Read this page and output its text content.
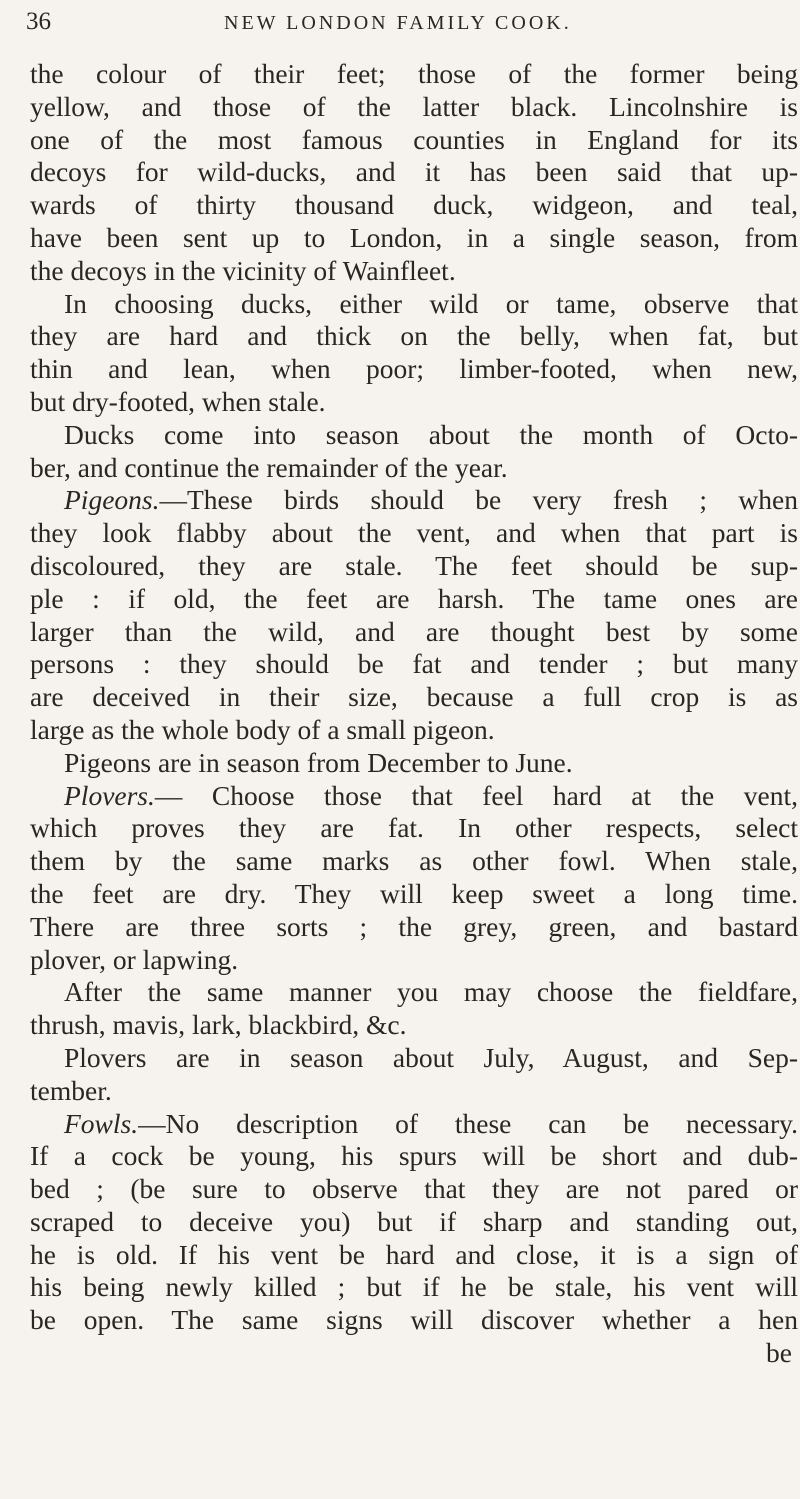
36	NEW LONDON FAMILY COOK.
the colour of their feet; those of the former being
yellow, and those of the latter black. Lincolnshire is
one of the most famous counties in England for its
decoys for wild-ducks, and it has been said that up-
wards of thirty thousand duck, widgeon, and teal,
have been sent up to London, in a single season, from
the decoys in the vicinity of Wainfleet.
In choosing ducks, either wild or tame, observe that
they are hard and thick on the belly, when fat, but
thin and lean, when poor; limber-footed, when new,
but dry-footed, when stale.
Ducks come into season about the month of Octo-
ber, and continue the remainder of the year.
Pigeons.—These birds should be very fresh ; when
they look flabby about the vent, and when that part is
discoloured, they are stale. The feet should be sup-
ple : if old, the feet are harsh. The tame ones are
larger than the wild, and are thought best by some
persons : they should be fat and tender ; but many
are deceived in their size, because a full crop is as
large as the whole body of a small pigeon.
Pigeons are in season from December to June.
Plovers.— Choose those that feel hard at the vent,
which proves they are fat. In other respects, select
them by the same marks as other fowl. When stale,
the feet are dry. They will keep sweet a long time.
There are three sorts ; the grey, green, and bastard
plover, or lapwing.
After the same manner you may choose the fieldfare,
thrush, mavis, lark, blackbird, &c.
Plovers are in season about July, August, and Sep-
tember.
Fowls.—No description of these can be necessary.
If a cock be young, his spurs will be short and dub-
bed ; (be sure to observe that they are not pared or
scraped to deceive you) but if sharp and standing out,
he is old. If his vent be hard and close, it is a sign of
his being newly killed ; but if he be stale, his vent will
be open. The same signs will discover whether a hen
be
